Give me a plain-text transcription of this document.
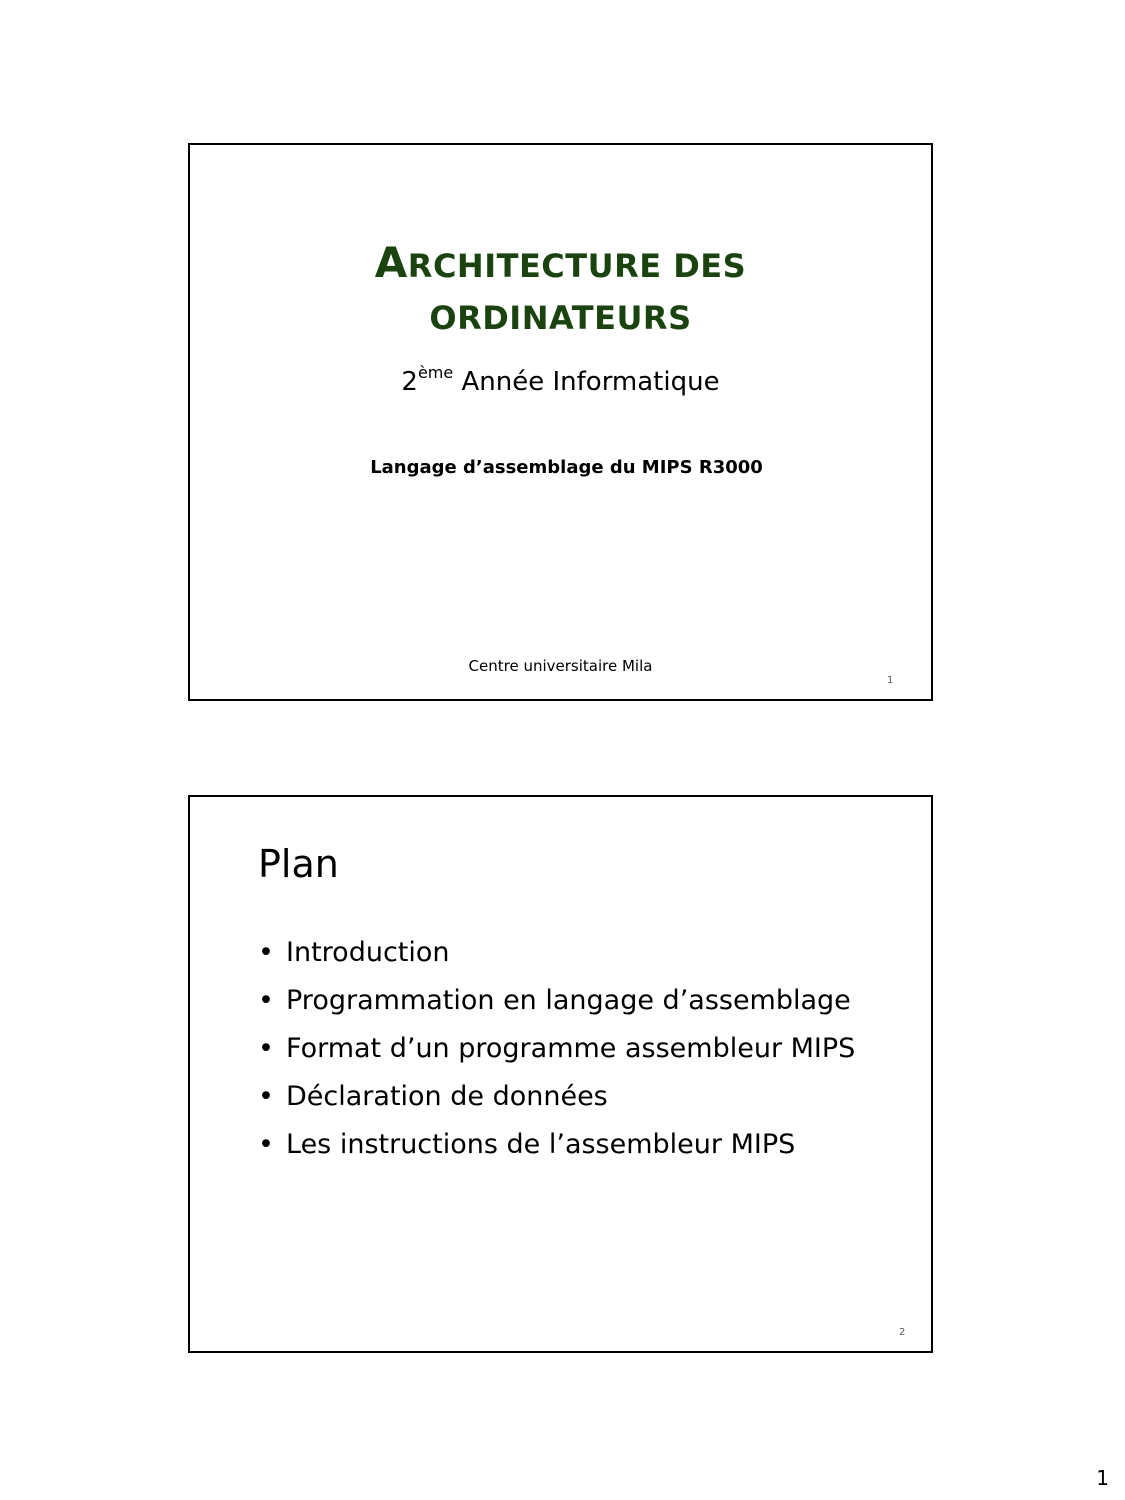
ARCHITECTURE DES
ORDINATEURS
2ème Année Informatique
Langage d’assemblage du MIPS R3000
Centre universitaire Mila
1
Plan
• Introduction
• Programmation en langage d’assemblage
• Format d’un programme assembleur MIPS
• Déclaration de données
• Les instructions de l’assembleur MIPS
2
1
